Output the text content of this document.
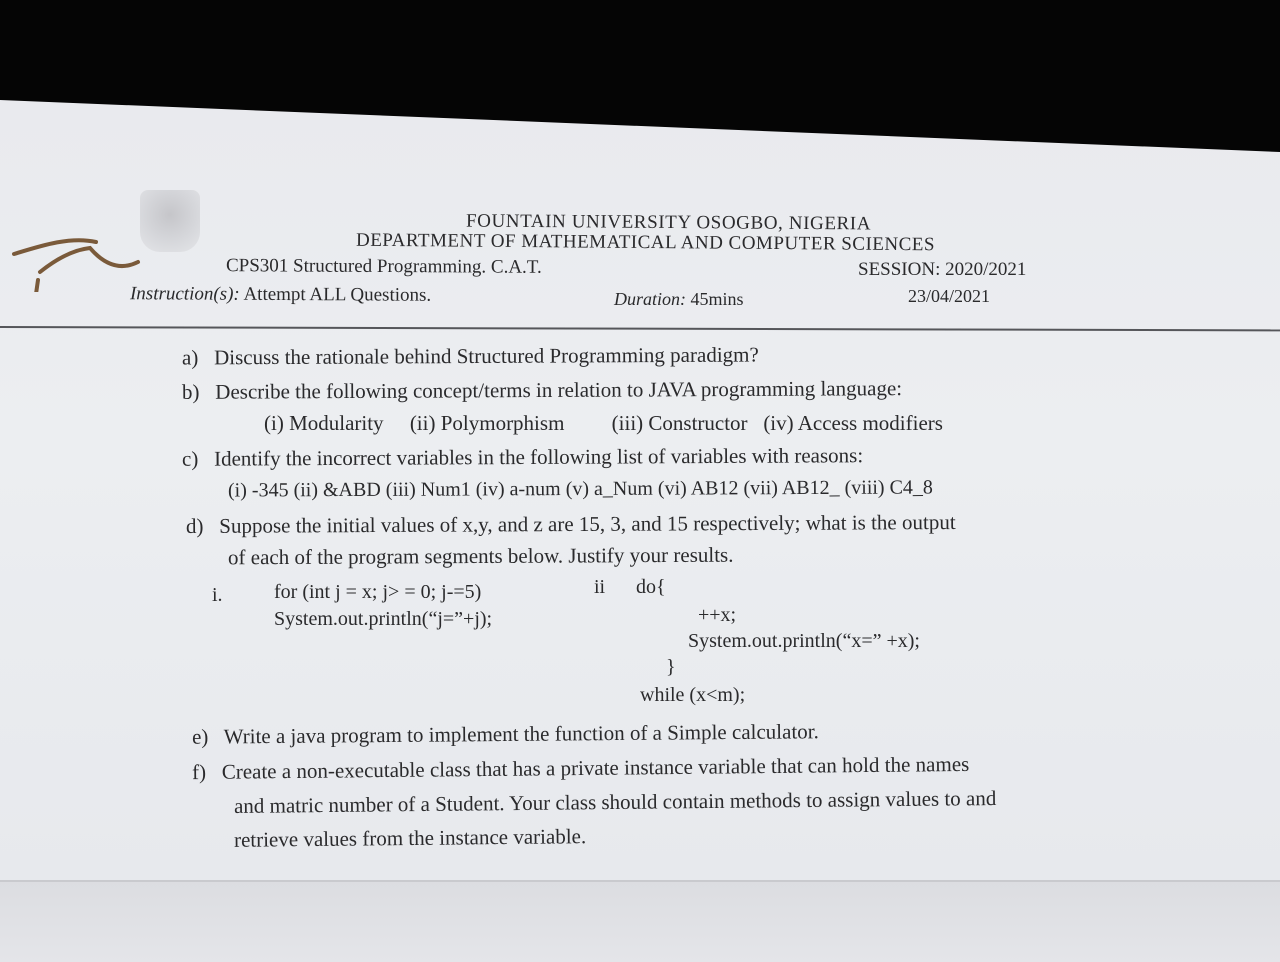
FOUNTAIN UNIVERSITY OSOGBO, NIGERIA
DEPARTMENT OF MATHEMATICAL AND COMPUTER SCIENCES
CPS301 Structured Programming. C.A.T.	SESSION: 2020/2021
Instruction(s): Attempt ALL Questions.	Duration: 45mins	23/04/2021
a) Discuss the rationale behind Structured Programming paradigm?
b) Describe the following concept/terms in relation to JAVA programming language:
(i) Modularity (ii) Polymorphism (iii) Constructor (iv) Access modifiers
c) Identify the incorrect variables in the following list of variables with reasons:
(i) -345 (ii) &ABD (iii) Num1 (iv) a-num (v) a_Num (vi) AB12 (vii) AB12_ (viii) C4_8
d) Suppose the initial values of x,y, and z are 15, 3, and 15 respectively; what is the output
of each of the program segments below. Justify your results.
i.	for (int j = x; j> = 0; j-=5)
System.out.println(“j=”+j);
ii do{
++x;
System.out.println(“x=” +x);
}
while (x<m);
e) Write a java program to implement the function of a Simple calculator.
f) Create a non-executable class that has a private instance variable that can hold the names
and matric number of a Student. Your class should contain methods to assign values to and
retrieve values from the instance variable.
